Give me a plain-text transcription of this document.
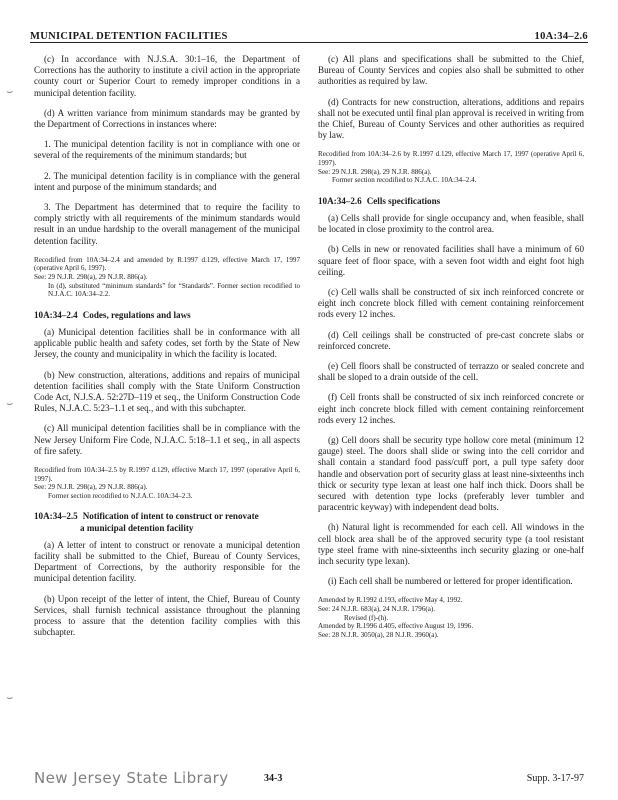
MUNICIPAL DETENTION FACILITIES	10A:34–2.6
⌣
⌣
⌣

(c) In accordance with N.J.S.A. 30:1–16, the Department of Corrections has the authority to institute a civil action in the appropriate county court or Superior Court to remedy improper conditions in a municipal detention facility.

(d) A written variance from minimum standards may be granted by the Department of Corrections in instances where:

1. The municipal detention facility is not in compliance with one or several of the requirements of the minimum standards; but

2. The municipal detention facility is in compliance with the general intent and purpose of the minimum standards; and

3. The Department has determined that to require the facility to comply strictly with all requirements of the minimum standards would result in an undue hardship to the overall management of the municipal detention facility.

Recodified from 10A:34–2.4 and amended by R.1997 d.129, effective March 17, 1997 (operative April 6, 1997).
See: 29 N.J.R. 298(a), 29 N.J.R. 886(a).
In (d), substituted “minimum standards” for “Standards”. Former section recodified to N.J.A.C. 10A:34–2.2.
10A:34–2.4 Codes, regulations and laws

(a) Municipal detention facilities shall be in conformance with all applicable public health and safety codes, set forth by the State of New Jersey, the county and municipality in which the facility is located.

(b) New construction, alterations, additions and repairs of municipal detention facilities shall comply with the State Uniform Construction Code Act, N.J.S.A. 52:27D–119 et seq., the Uniform Construction Code Rules, N.J.A.C. 5:23–1.1 et seq., and with this subchapter.

(c) All municipal detention facilities shall be in compliance with the New Jersey Uniform Fire Code, N.J.A.C. 5:18–1.1 et seq., in all aspects of fire safety.

Recodified from 10A:34–2.5 by R.1997 d.129, effective March 17, 1997 (operative April 6, 1997).
See: 29 N.J.R. 298(a), 29 N.J.R. 886(a).
Former section recodified to N.J.A.C. 10A:34–2.3.
10A:34–2.5 Notification of intent to construct or renovate
a municipal detention facility

(a) A letter of intent to construct or renovate a municipal detention facility shall be submitted to the Chief, Bureau of County Services, Department of Corrections, by the authority responsible for the municipal detention facility.

(b) Upon receipt of the letter of intent, the Chief, Bureau of County Services, shall furnish technical assistance throughout the planning process to assure that the detention facility complies with this subchapter.

(c) All plans and specifications shall be submitted to the Chief, Bureau of County Services and copies also shall be submitted to other authorities as required by law.

(d) Contracts for new construction, alterations, additions and repairs shall not be executed until final plan approval is received in writing from the Chief, Bureau of County Services and other authorities as required by law.

Recodified from 10A:34–2.6 by R.1997 d.129, effective March 17, 1997 (operative April 6, 1997).
See: 29 N.J.R. 298(a), 29 N.J.R. 886(a).
Former section recodified to N.J.A.C. 10A:34–2.4.
10A:34–2.6 Cells specifications

(a) Cells shall provide for single occupancy and, when feasible, shall be located in close proximity to the control area.

(b) Cells in new or renovated facilities shall have a minimum of 60 square feet of floor space, with a seven foot width and eight foot high ceiling.

(c) Cell walls shall be constructed of six inch reinforced concrete or eight inch concrete block filled with cement containing reinforcement rods every 12 inches.

(d) Cell ceilings shall be constructed of pre-cast concrete slabs or reinforced concrete.

(e) Cell floors shall be constructed of terrazzo or sealed concrete and shall be sloped to a drain outside of the cell.

(f) Cell fronts shall be constructed of six inch reinforced concrete or eight inch concrete block filled with cement containing reinforcement rods every 12 inches.

(g) Cell doors shall be security type hollow core metal (minimum 12 gauge) steel. The doors shall slide or swing into the cell corridor and shall contain a standard food pass/cuff port, a pull type safety door handle and observation port of security glass at least nine-sixteenths inch thick or security type lexan at least one half inch thick. Doors shall be secured with detention type locks (preferably lever tumbler and paracentric keyway) with independent dead bolts.

(h) Natural light is recommended for each cell. All windows in the cell block area shall be of the approved security type (a tool resistant type steel frame with nine-sixteenths inch security glazing or one-half inch security type lexan).

(i) Each cell shall be numbered or lettered for proper identification.

Amended by R.1992 d.193, effective May 4, 1992.
See: 24 N.J.R. 683(a), 24 N.J.R. 1796(a).
Revised (f)-(h).
Amended by R.1996 d.405, effective August 19, 1996.
See: 28 N.J.R. 3050(a), 28 N.J.R. 3960(a).
New Jersey State Library	34-3	Supp. 3-17-97
